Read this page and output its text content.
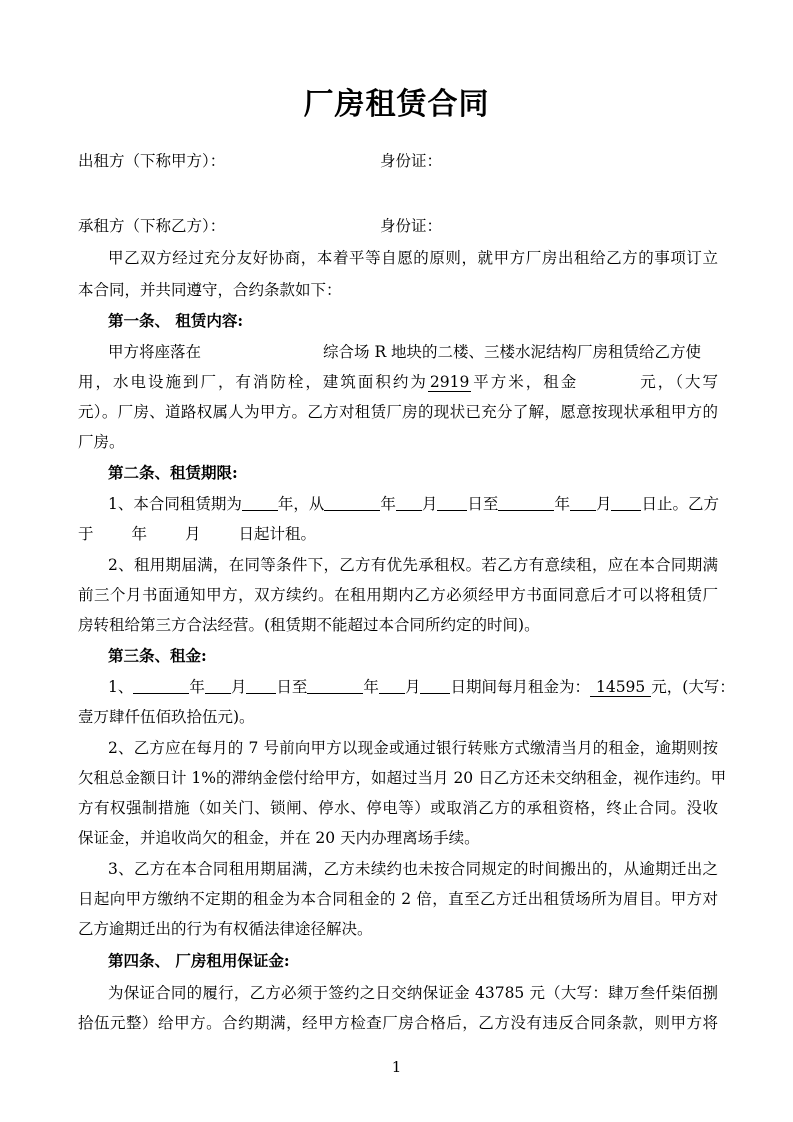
厂房租赁合同
出租方（下称甲方）：	身份证：
承租方（下称乙方）：	身份证：
甲乙双方经过充分友好协商，本着平等自愿的原则，就甲方厂房出租给乙方的事项订立
本合同，并共同遵守，合约条款如下：
第一条、 租赁内容:
甲方将座落在	综合场 R 地块的二楼、三楼水泥结构厂房租赁给乙方使
用，水电设施到厂，有消防栓，建筑面积约为 2919 平方米，租金	元，（大写
元）。厂房、道路权属人为甲方。乙方对租赁厂房的现状已充分了解，愿意按现状承租甲方的
厂房。
第二条、租赁期限:
1、本合同租赁期为 年，从	年 月 日至	年 月 日止。乙方
于 年 月 日起计租。
2、租用期届满，在同等条件下，乙方有优先承租权。若乙方有意续租，应在本合同期满
前三个月书面通知甲方，双方续约。在租用期内乙方必须经甲方书面同意后才可以将租赁厂
房转租给第三方合法经营。(租赁期不能超过本合同所约定的时间)。
第三条、租金:
1、	年 月 日至	年 月 日期间每月租金为： 14595 元，(大写：
壹万肆仟伍佰玖拾伍元)。
2、乙方应在每月的 7 号前向甲方以现金或通过银行转账方式缴清当月的租金，逾期则按
欠租总金额日计 1%的滞纳金偿付给甲方，如超过当月 20 日乙方还未交纳租金，视作违约。甲
方有权强制措施（如关门、锁闸、停水、停电等）或取消乙方的承租资格，终止合同。没收
保证金，并追收尚欠的租金，并在 20 天内办理离场手续。
3、乙方在本合同租用期届满，乙方未续约也未按合同规定的时间搬出的，从逾期迁出之
日起向甲方缴纳不定期的租金为本合同租金的 2 倍，直至乙方迁出租赁场所为眉目。甲方对
乙方逾期迁出的行为有权循法律途径解决。
第四条、 厂房租用保证金:
为保证合同的履行，乙方必须于签约之日交纳保证金 43785 元（大写：肆万叁仟柒佰捌
拾伍元整）给甲方。合约期满，经甲方检查厂房合格后，乙方没有违反合同条款，则甲方将
1
